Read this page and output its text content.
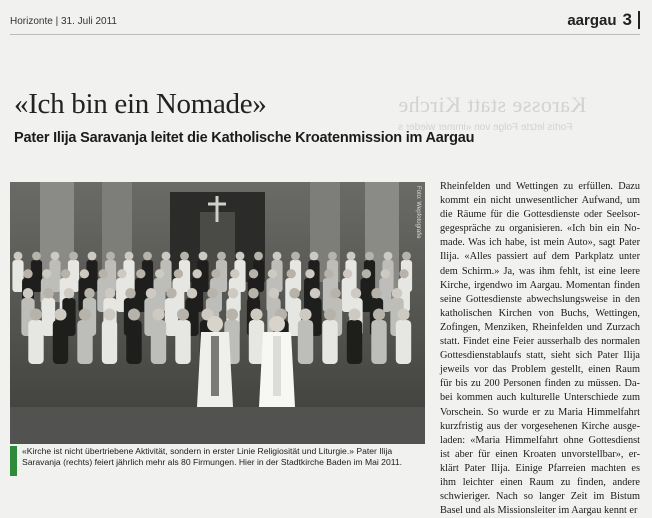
Horizonte | 31. Juli 2011	aargau 3
Karosse statt Kirche
Fortis letzte Folge von «immer wieder s
«Ich bin ein Nomade»
Pater Ilija Saravanja leitet die Katholische Kroatenmission im Aargau
Foto: Wepfotografie

«Kirche ist nicht übertriebene Aktivität, sondern in erster Linie Religiosität und Liturgie.» Pater Ilija Saravanja (rechts) feiert jährlich mehr als 80 Firmungen. Hier in der Stadtkirche Baden im Mai 2011.

Rheinfelden und Wettingen zu erfüllen. Dazu
kommt ein nicht unwesentlicher Aufwand, um
die Räume für die Gottesdienste oder Seelsor-
gegespräche zu organisieren. «Ich bin ein No-
made. Was ich habe, ist mein Auto», sagt Pater
Ilija. «Alles passiert auf dem Parkplatz unter
dem Schirm.» Ja, was ihm fehlt, ist eine leere
Kirche, irgendwo im Aargau. Momentan finden
seine Gottesdienste abwechslungsweise in den
katholischen Kirchen von Buchs, Wettingen,
Zofingen, Menziken, Rheinfelden und Zurzach
statt. Findet eine Feier ausserhalb des normalen
Gottesdienstablaufs statt, sieht sich Pater Ilija
jeweils vor das Problem gestellt, einen Raum
für bis zu 200 Personen finden zu müssen. Da-
bei kommen auch kulturelle Unterschiede zum
Vorschein. So wurde er zu Maria Himmelfahrt
kurzfristig aus der vorgesehenen Kirche ausge-
laden: «Maria Himmelfahrt ohne Gottesdienst
ist aber für einen Kroaten unvorstellbar», er-
klärt Pater Ilija. Einige Pfarreien machten es
ihm leichter einen Raum zu finden, andere
schwieriger. Nach so langer Zeit im Bistum
Basel und als Missionsleiter im Aargau kennt er
